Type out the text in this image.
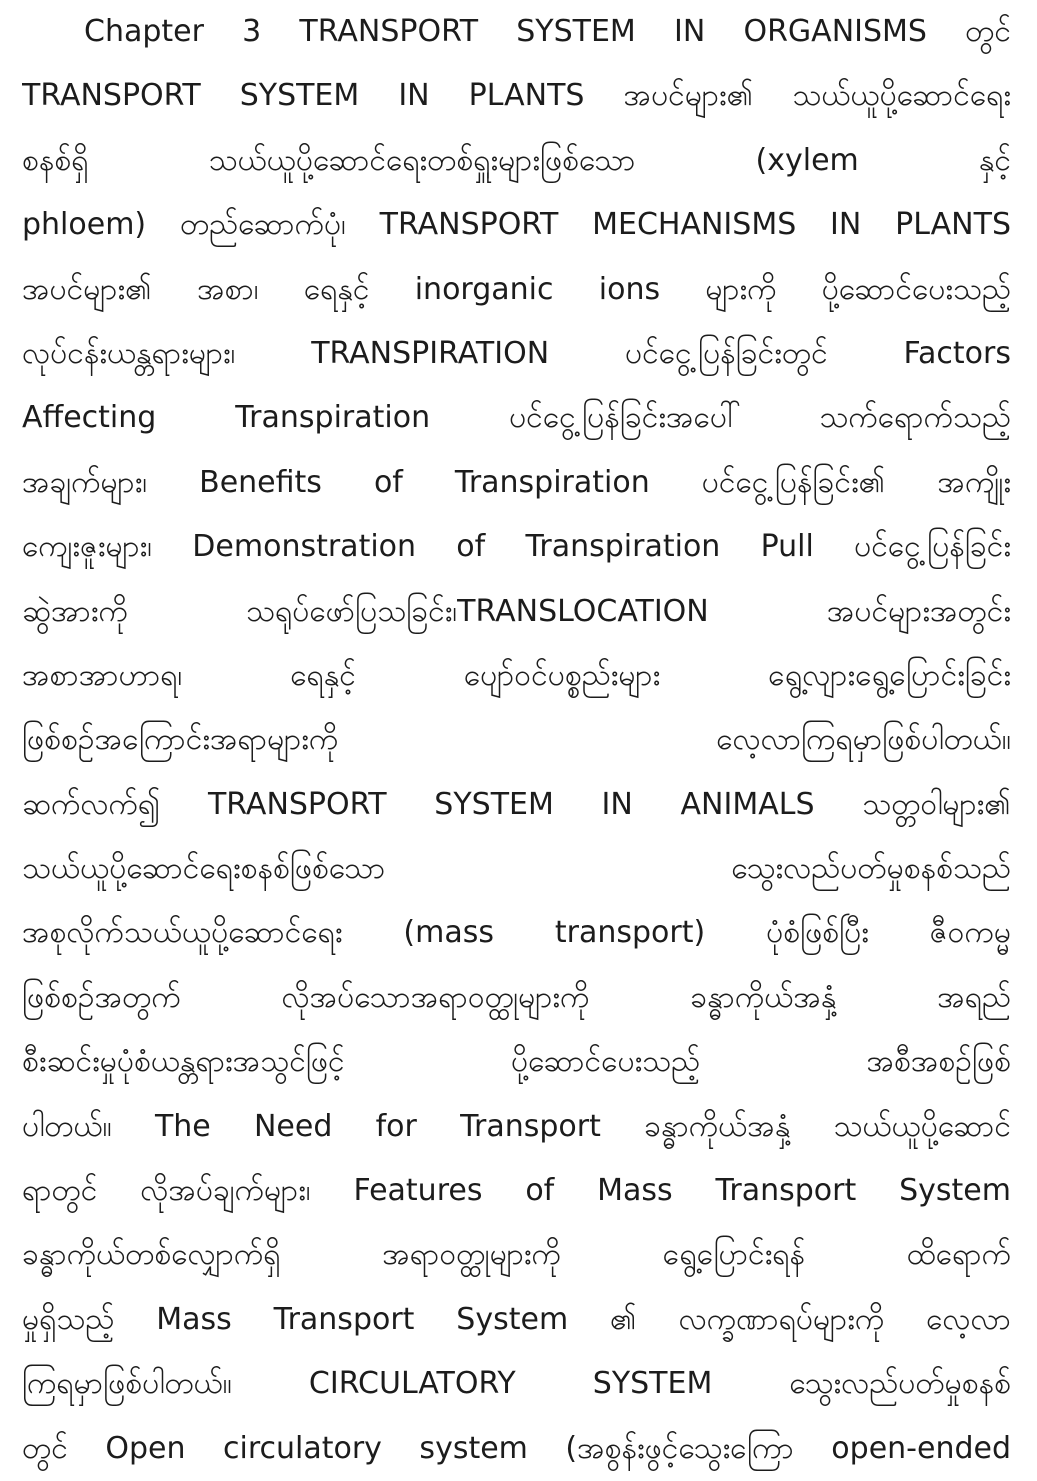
Chapter 3 TRANSPORT SYSTEM IN ORGANISMS တွင်
TRANSPORT SYSTEM IN PLANTS အပင်များ၏ သယ်ယူပို့ဆောင်ရေး
စနစ်ရှိ သယ်ယူပို့ဆောင်ရေးတစ်ရှူးများဖြစ်သော (xylem နှင့်
phloem) တည်ဆောက်ပုံ၊ TRANSPORT MECHANISMS IN PLANTS
အပင်များ၏ အစာ၊ ရေနှင့် inorganic ions များကို ပို့ဆောင်ပေးသည့်
လုပ်ငန်းယန္တရားများ၊ TRANSPIRATION ပင်ငွေ့ပြန်ခြင်းတွင် Factors
Affecting Transpiration ပင်ငွေ့ပြန်ခြင်းအပေါ် သက်ရောက်သည့်
အချက်များ၊ Benefits of Transpiration ပင်ငွေ့ပြန်ခြင်း၏ အကျိုး
ကျေးဇူးများ၊ Demonstration of Transpiration Pull ပင်ငွေ့ပြန်ခြင်း
ဆွဲအားကို သရုပ်ဖော်ပြသခြင်း၊TRANSLOCATION အပင်များအတွင်း
အစာအာဟာရ၊ ရေနှင့် ပျော်ဝင်ပစ္စည်းများ ရွေ့လျားရွေ့ပြောင်းခြင်း
ဖြစ်စဉ်အကြောင်းအရာများကို လေ့လာကြရမှာဖြစ်ပါတယ်။
ဆက်လက်၍ TRANSPORT SYSTEM IN ANIMALS သတ္တဝါများ၏
သယ်ယူပို့ဆောင်ရေးစနစ်ဖြစ်သော သွေးလည်ပတ်မှုစနစ်သည်
အစုလိုက်သယ်ယူပို့ဆောင်ရေး (mass transport) ပုံစံဖြစ်ပြီး ဇီဝကမ္မ
ဖြစ်စဉ်အတွက် လိုအပ်သောအရာဝတ္ထုများကို ခန္ဓာကိုယ်အနှံ့ အရည်
စီးဆင်းမှုပုံစံယန္တရားအသွင်ဖြင့် ပို့ဆောင်ပေးသည့် အစီအစဉ်ဖြစ်
ပါတယ်။ The Need for Transport ခန္ဓာကိုယ်အနှံ့ သယ်ယူပို့ဆောင်
ရာတွင် လိုအပ်ချက်များ၊ Features of Mass Transport System
ခန္ဓာကိုယ်တစ်လျှောက်ရှိ အရာဝတ္ထုများကို ရွေ့ပြောင်းရန် ထိရောက်
မှုရှိသည့် Mass Transport System ၏ လက္ခဏာရပ်များကို လေ့လာ
ကြရမှာဖြစ်ပါတယ်။ CIRCULATORY SYSTEM သွေးလည်ပတ်မှုစနစ်
တွင် Open circulatory system (အစွန်းဖွင့်သွေးကြော open-ended
